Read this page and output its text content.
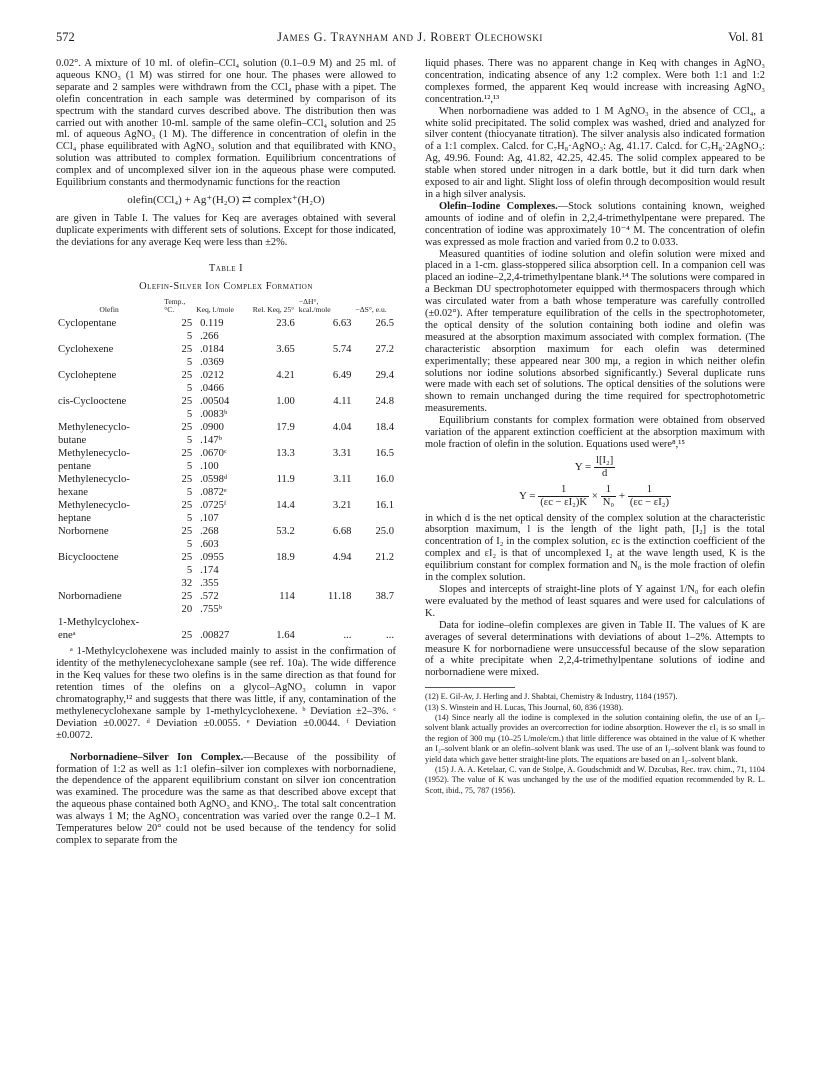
572	James G. Traynham and J. Robert Olechowski	Vol. 81

0.02°. A mixture of 10 ml. of olefin–CCl₄ solution (0.1–0.9 M) and 25 ml. of aqueous KNO₃ (1 M) was stirred for one hour. The phases were allowed to separate and 2 samples were withdrawn from the CCl₄ phase with a pipet. The olefin concentration in each sample was determined by comparison of its spectrum with the standard curves described above. The distribution then was carried out with another 10-ml. sample of the same olefin–CCl₄ solution and 25 ml. of aqueous AgNO₃ (1 M). The difference in concentration of olefin in the CCl₄ phase equilibrated with AgNO₃ solution and that equilibrated with KNO₃ solution was attributed to complex formation. Equilibrium concentrations of complex and of uncomplexed silver ion in the aqueous phase were computed. Equilibrium constants and thermodynamic functions for the reaction

olefin(CCl₄) + Ag⁺(H₂O) ⇄ complex⁺(H₂O)

are given in Table I. The values for Keq are averages obtained with several duplicate experiments with different sets of solutions. Except for those indicated, the deviations for any average Keq were less than ±2%.

Table I
Olefin-Silver Ion Complex Formation
Olefin	Temp., °C.	Keq, l./mole	Rel. Keq, 25°	−ΔH°, kcal./mole	−ΔS°, e.u.
Cyclopentane	25	0.119	23.6	6.63	26.5
	5	.266			
Cyclohexene	25	.0184	3.65	5.74	27.2
	5	.0369			
Cycloheptene	25	.0212	4.21	6.49	29.4
	5	.0466			
cis-Cyclooctene	25	.00504	1.00	4.11	24.8
	5	.0083ᵇ			
Methylenecyclo-	25	.0900	17.9	4.04	18.4
butane	5	.147ᵇ			
Methylenecyclo-	25	.0670ᶜ	13.3	3.31	16.5
pentane	5	.100			
Methylenecyclo-	25	.0598ᵈ	11.9	3.11	16.0
hexane	5	.0872ᵉ			
Methylenecyclo-	25	.0725ᶠ	14.4	3.21	16.1
heptane	5	.107			
Norbornene	25	.268	53.2	6.68	25.0
	5	.603			
Bicyclooctene	25	.0955	18.9	4.94	21.2
	5	.174			
	32	.355			
Norbornadiene	25	.572	114	11.18	38.7
	20	.755ᵇ			
1-Methylcyclohex-					
eneᵃ	25	.00827	1.64	...	...

ᵃ 1-Methylcyclohexene was included mainly to assist in the confirmation of identity of the methylenecyclohexane sample (see ref. 10a). The wide difference in the Keq values for these two olefins is in the same direction as that found for retention times of the olefins on a glycol–AgNO₃ column in vapor chromatography,¹² and suggests that there was little, if any, contamination of the methylenecyclohexane sample by 1-methylcyclohexene. ᵇ Deviation ±2–3%. ᶜ Deviation ±0.0027. ᵈ Deviation ±0.0055. ᵉ Deviation ±0.0044. ᶠ Deviation ±0.0072.

Norbornadiene–Silver Ion Complex.—Because of the possibility of formation of 1:2 as well as 1:1 olefin–silver ion complexes with norbornadiene, the dependence of the apparent equilibrium constant on silver ion concentration was examined. The procedure was the same as that described above except that the aqueous phase contained both AgNO₃ and KNO₃. The total salt concentration was always 1 M; the AgNO₃ concentration was varied over the range 0.2–1 M. Temperatures below 20° could not be used because of the tendency for solid complex to separate from the

liquid phases. There was no apparent change in Keq with changes in AgNO₃ concentration, indicating absence of any 1:2 complex. Were both 1:1 and 1:2 complexes formed, the apparent Keq would increase with increasing AgNO₃ concentration.¹²,¹³

When norbornadiene was added to 1 M AgNO₃ in the absence of CCl₄, a white solid precipitated. The solid complex was washed, dried and analyzed for silver content (thiocyanate titration). The silver analysis also indicated formation of a 1:1 complex. Calcd. for C₇H₈·AgNO₃: Ag, 41.17. Calcd. for C₇H₈·2AgNO₃: Ag, 49.96. Found: Ag, 41.82, 42.25, 42.45. The solid complex appeared to be stable when stored under nitrogen in a dark bottle, but it did turn dark when exposed to air and light. Slight loss of olefin through decomposition would result in a high silver analysis.

Olefin–Iodine Complexes.—Stock solutions containing known, weighed amounts of iodine and of olefin in 2,2,4-trimethylpentane were prepared. The concentration of iodine was approximately 10⁻⁴ M. The concentration of olefin was expressed as mole fraction and varied from 0.2 to 0.033.

Measured quantities of iodine solution and olefin solution were mixed and placed in a 1-cm. glass-stoppered silica absorption cell. In a companion cell was placed an iodine–2,2,4-trimethylpentane blank.¹⁴ The solutions were compared in a Beckman DU spectrophotometer equipped with thermospacers through which was circulated water from a bath whose temperature was carefully controlled (±0.02°). After temperature equilibration of the cells in the spectrophotometer, the optical density of the solution containing both iodine and olefin was measured at the absorption maximum associated with complex formation. (The characteristic absorption maximum for each olefin was determined experimentally; these appeared near 300 mμ, a region in which neither olefin solutions nor iodine solutions absorbed significantly.) Several duplicate runs were made with each set of solutions. The optical densities of the solutions were shown to remain unchanged during the time required for spectrophotometric measurements.

Equilibrium constants for complex formation were obtained from observed variation of the apparent extinction coefficient at the absorption maximum with mole fraction of olefin in the solution. Equations used were⁸,¹⁵

$Y = \frac{\text{l[I₂]}}{d}$
$Y = \frac{1}{\text{(εc − εI₂)K}} \times \frac{1}{\text{N₀}} + \frac{1}{\text{(εc − εI₂)}}$

in which d is the net optical density of the complex solution at the characteristic absorption maximum, l is the length of the light path, [I₂] is the total concentration of I₂ in the complex solution, εc is the extinction coefficient of the complex and εI₂ is that of uncomplexed I₂ at the wave length used, K is the equilibrium constant for complex formation and N₀ is the mole fraction of olefin in the complex solution.

Slopes and intercepts of straight-line plots of Y against 1/N₀ for each olefin were evaluated by the method of least squares and were used for calculations of K.

Data for iodine–olefin complexes are given in Table II. The values of K are averages of several determinations with deviations of about 1–2%. Attempts to measure K for norbornadiene were unsuccessful because of the slow separation of a white precipitate when 2,2,4-trimethylpentane solutions of iodine and norbornadiene were mixed.

(12) E. Gil-Av, J. Herling and J. Shabtai, Chemistry & Industry, 1184 (1957).

(13) S. Winstein and H. Lucas, This Journal, 60, 836 (1938).

(14) Since nearly all the iodine is complexed in the solution containing olefin, the use of an I₂–solvent blank actually provides an overcorrection for iodine absorption. However the εI₂ is so small in the region of 300 mμ (10–25 l./mole/cm.) that little difference was obtained in the value of K whether an I₂–solvent blank or an olefin–solvent blank was used. The use of an I₂–solvent blank was found to yield data which gave better straight-line plots. The equations are based on an I₂–solvent blank.

(15) J. A. A. Ketelaar, C. van de Stolpe, A. Goudschmidt and W. Dzcubas, Rec. trav. chim., 71, 1104 (1952). The value of K was unchanged by the use of the modified equation recommended by R. L. Scott, ibid., 75, 787 (1956).
